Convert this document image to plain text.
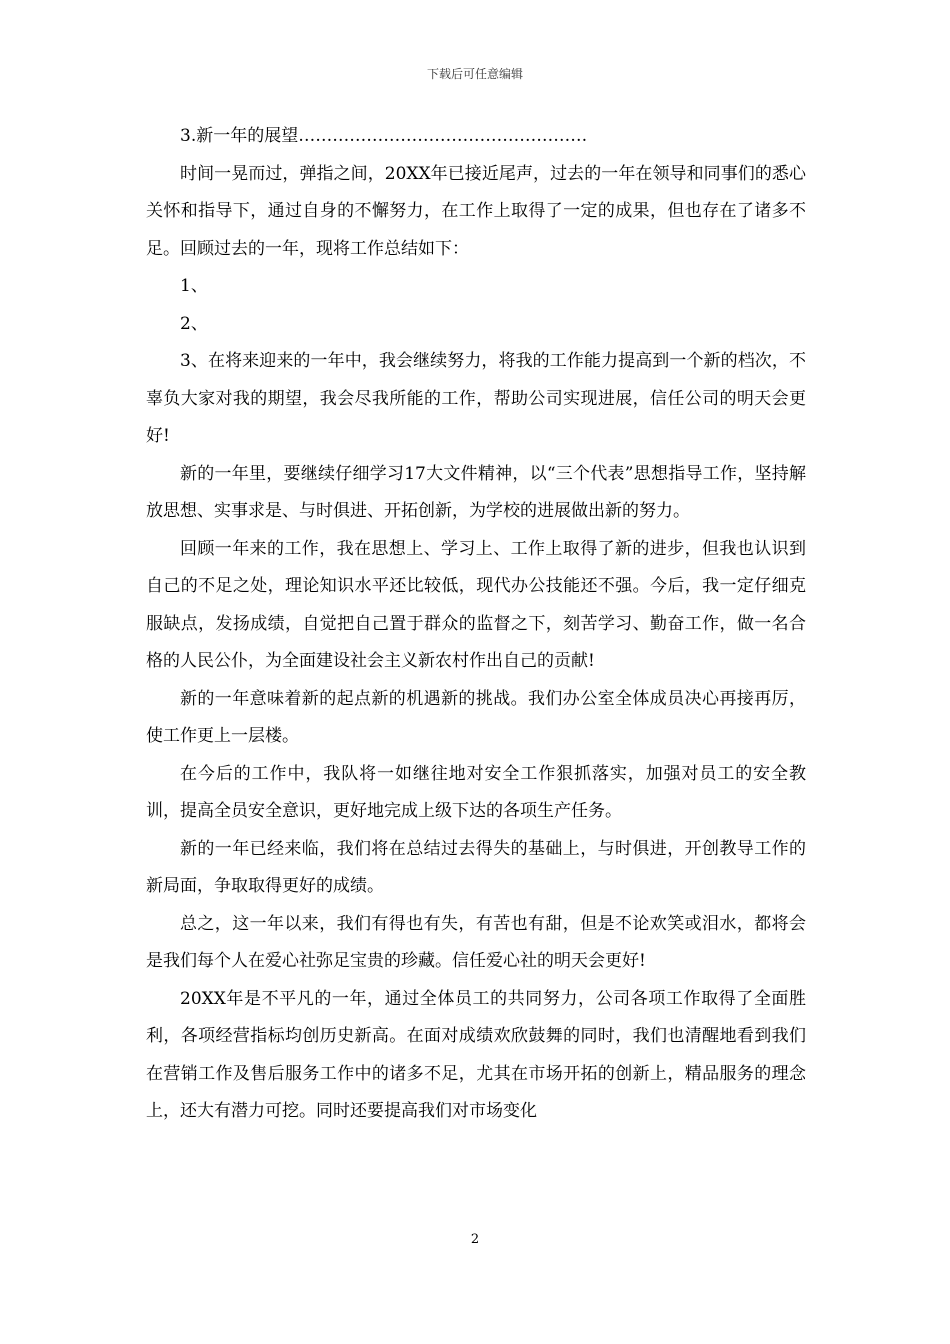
下载后可任意编辑

3.新一年的展望……………………………………………

时间一晃而过，弹指之间，20XX年已接近尾声，过去的一年在领导和同事们的悉心关怀和指导下，通过自身的不懈努力，在工作上取得了一定的成果，但也存在了诸多不足。回顾过去的一年，现将工作总结如下：

1、

2、

3、在将来迎来的一年中，我会继续努力，将我的工作能力提高到一个新的档次，不辜负大家对我的期望，我会尽我所能的工作，帮助公司实现进展，信任公司的明天会更好!

新的一年里，要继续仔细学习17大文件精神，以“三个代表”思想指导工作，坚持解放思想、实事求是、与时俱进、开拓创新，为学校的进展做出新的努力。

回顾一年来的工作，我在思想上、学习上、工作上取得了新的进步，但我也认识到自己的不足之处，理论知识水平还比较低，现代办公技能还不强。今后，我一定仔细克服缺点，发扬成绩，自觉把自己置于群众的监督之下，刻苦学习、勤奋工作，做一名合格的人民公仆，为全面建设社会主义新农村作出自己的贡献!

新的一年意味着新的起点新的机遇新的挑战。我们办公室全体成员决心再接再厉，使工作更上一层楼。

在今后的工作中，我队将一如继往地对安全工作狠抓落实，加强对员工的安全教训，提高全员安全意识，更好地完成上级下达的各项生产任务。

新的一年已经来临，我们将在总结过去得失的基础上，与时俱进，开创教导工作的新局面，争取取得更好的成绩。

总之，这一年以来，我们有得也有失，有苦也有甜，但是不论欢笑或泪水，都将会是我们每个人在爱心社弥足宝贵的珍藏。信任爱心社的明天会更好!

20XX年是不平凡的一年，通过全体员工的共同努力，公司各项工作取得了全面胜利，各项经营指标均创历史新高。在面对成绩欢欣鼓舞的同时，我们也清醒地看到我们在营销工作及售后服务工作中的诸多不足，尤其在市场开拓的创新上，精品服务的理念上，还大有潜力可挖。同时还要提高我们对市场变化

2
